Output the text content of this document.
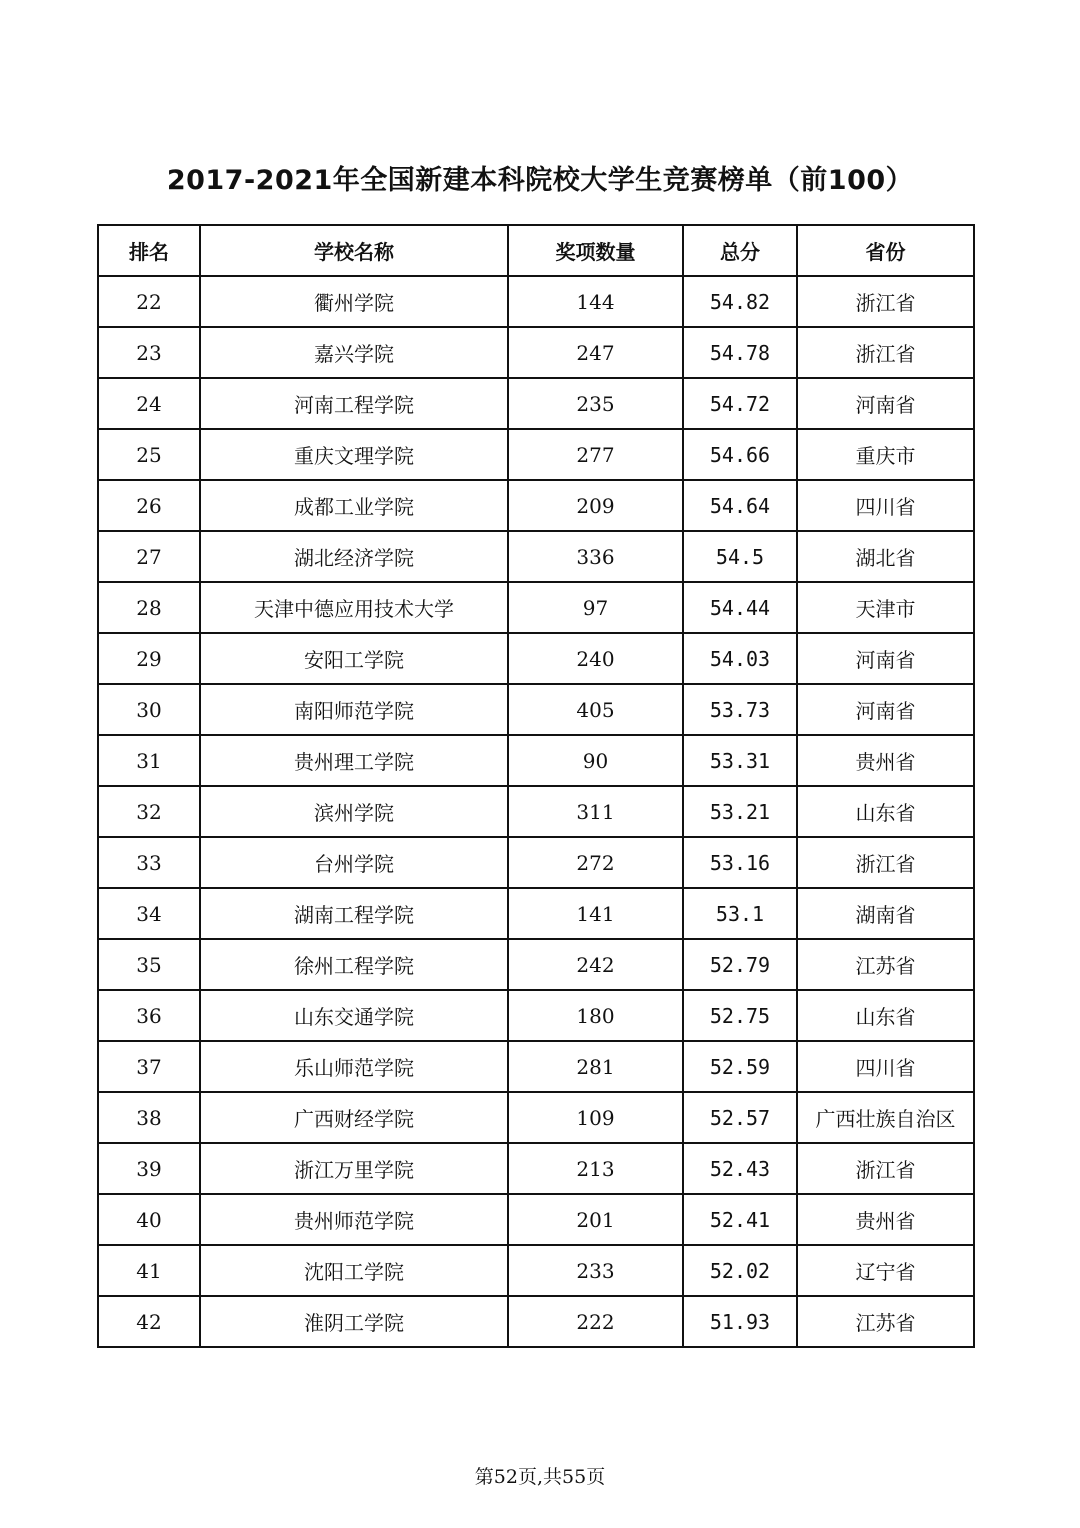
2017-2021年全国新建本科院校大学生竞赛榜单（前100）
排名	学校名称	奖项数量	总分	省份
22	衢州学院	144	54.82	浙江省
23	嘉兴学院	247	54.78	浙江省
24	河南工程学院	235	54.72	河南省
25	重庆文理学院	277	54.66	重庆市
26	成都工业学院	209	54.64	四川省
27	湖北经济学院	336	54.5	湖北省
28	天津中德应用技术大学	97	54.44	天津市
29	安阳工学院	240	54.03	河南省
30	南阳师范学院	405	53.73	河南省
31	贵州理工学院	90	53.31	贵州省
32	滨州学院	311	53.21	山东省
33	台州学院	272	53.16	浙江省
34	湖南工程学院	141	53.1	湖南省
35	徐州工程学院	242	52.79	江苏省
36	山东交通学院	180	52.75	山东省
37	乐山师范学院	281	52.59	四川省
38	广西财经学院	109	52.57	广西壮族自治区
39	浙江万里学院	213	52.43	浙江省
40	贵州师范学院	201	52.41	贵州省
41	沈阳工学院	233	52.02	辽宁省
42	淮阴工学院	222	51.93	江苏省
第52页,共55页
